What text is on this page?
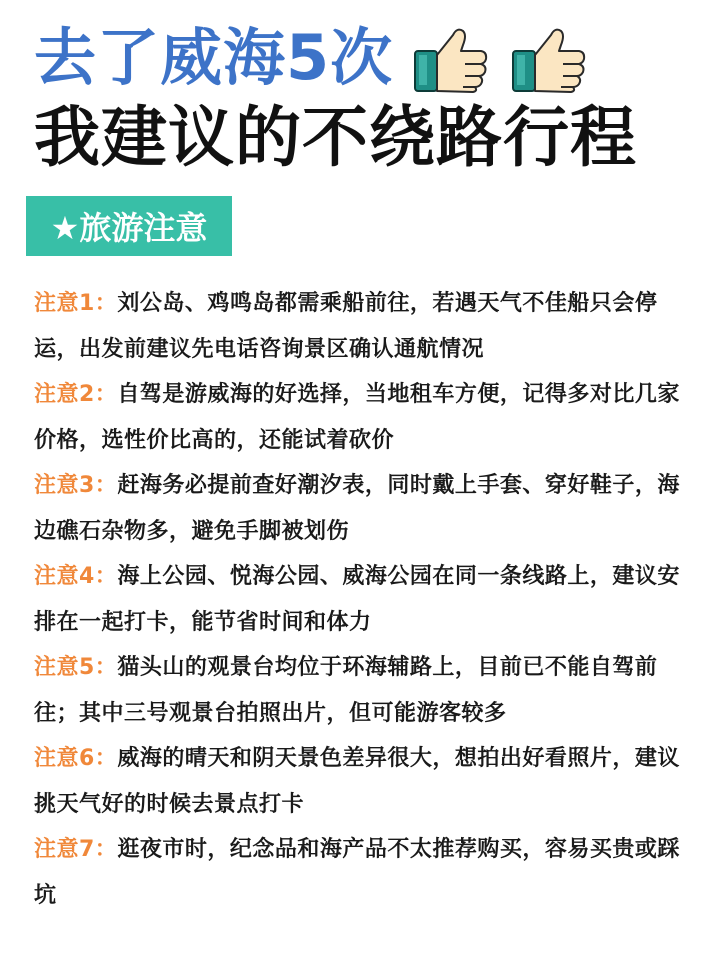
去了威海5次
我建议的不绕路行程
★旅游注意
注意1：刘公岛、鸡鸣岛都需乘船前往，若遇天气不佳船只会停运，出发前建议先电话咨询景区确认通航情况
注意2：自驾是游威海的好选择，当地租车方便，记得多对比几家价格，选性价比高的，还能试着砍价
注意3：赶海务必提前查好潮汐表，同时戴上手套、穿好鞋子，海边礁石杂物多，避免手脚被划伤
注意4：海上公园、悦海公园、威海公园在同一条线路上，建议安排在一起打卡，能节省时间和体力
注意5：猫头山的观景台均位于环海辅路上，目前已不能自驾前往；其中三号观景台拍照出片，但可能游客较多
注意6：威海的晴天和阴天景色差异很大，想拍出好看照片，建议挑天气好的时候去景点打卡
注意7：逛夜市时，纪念品和海产品不太推荐购买，容易买贵或踩坑
